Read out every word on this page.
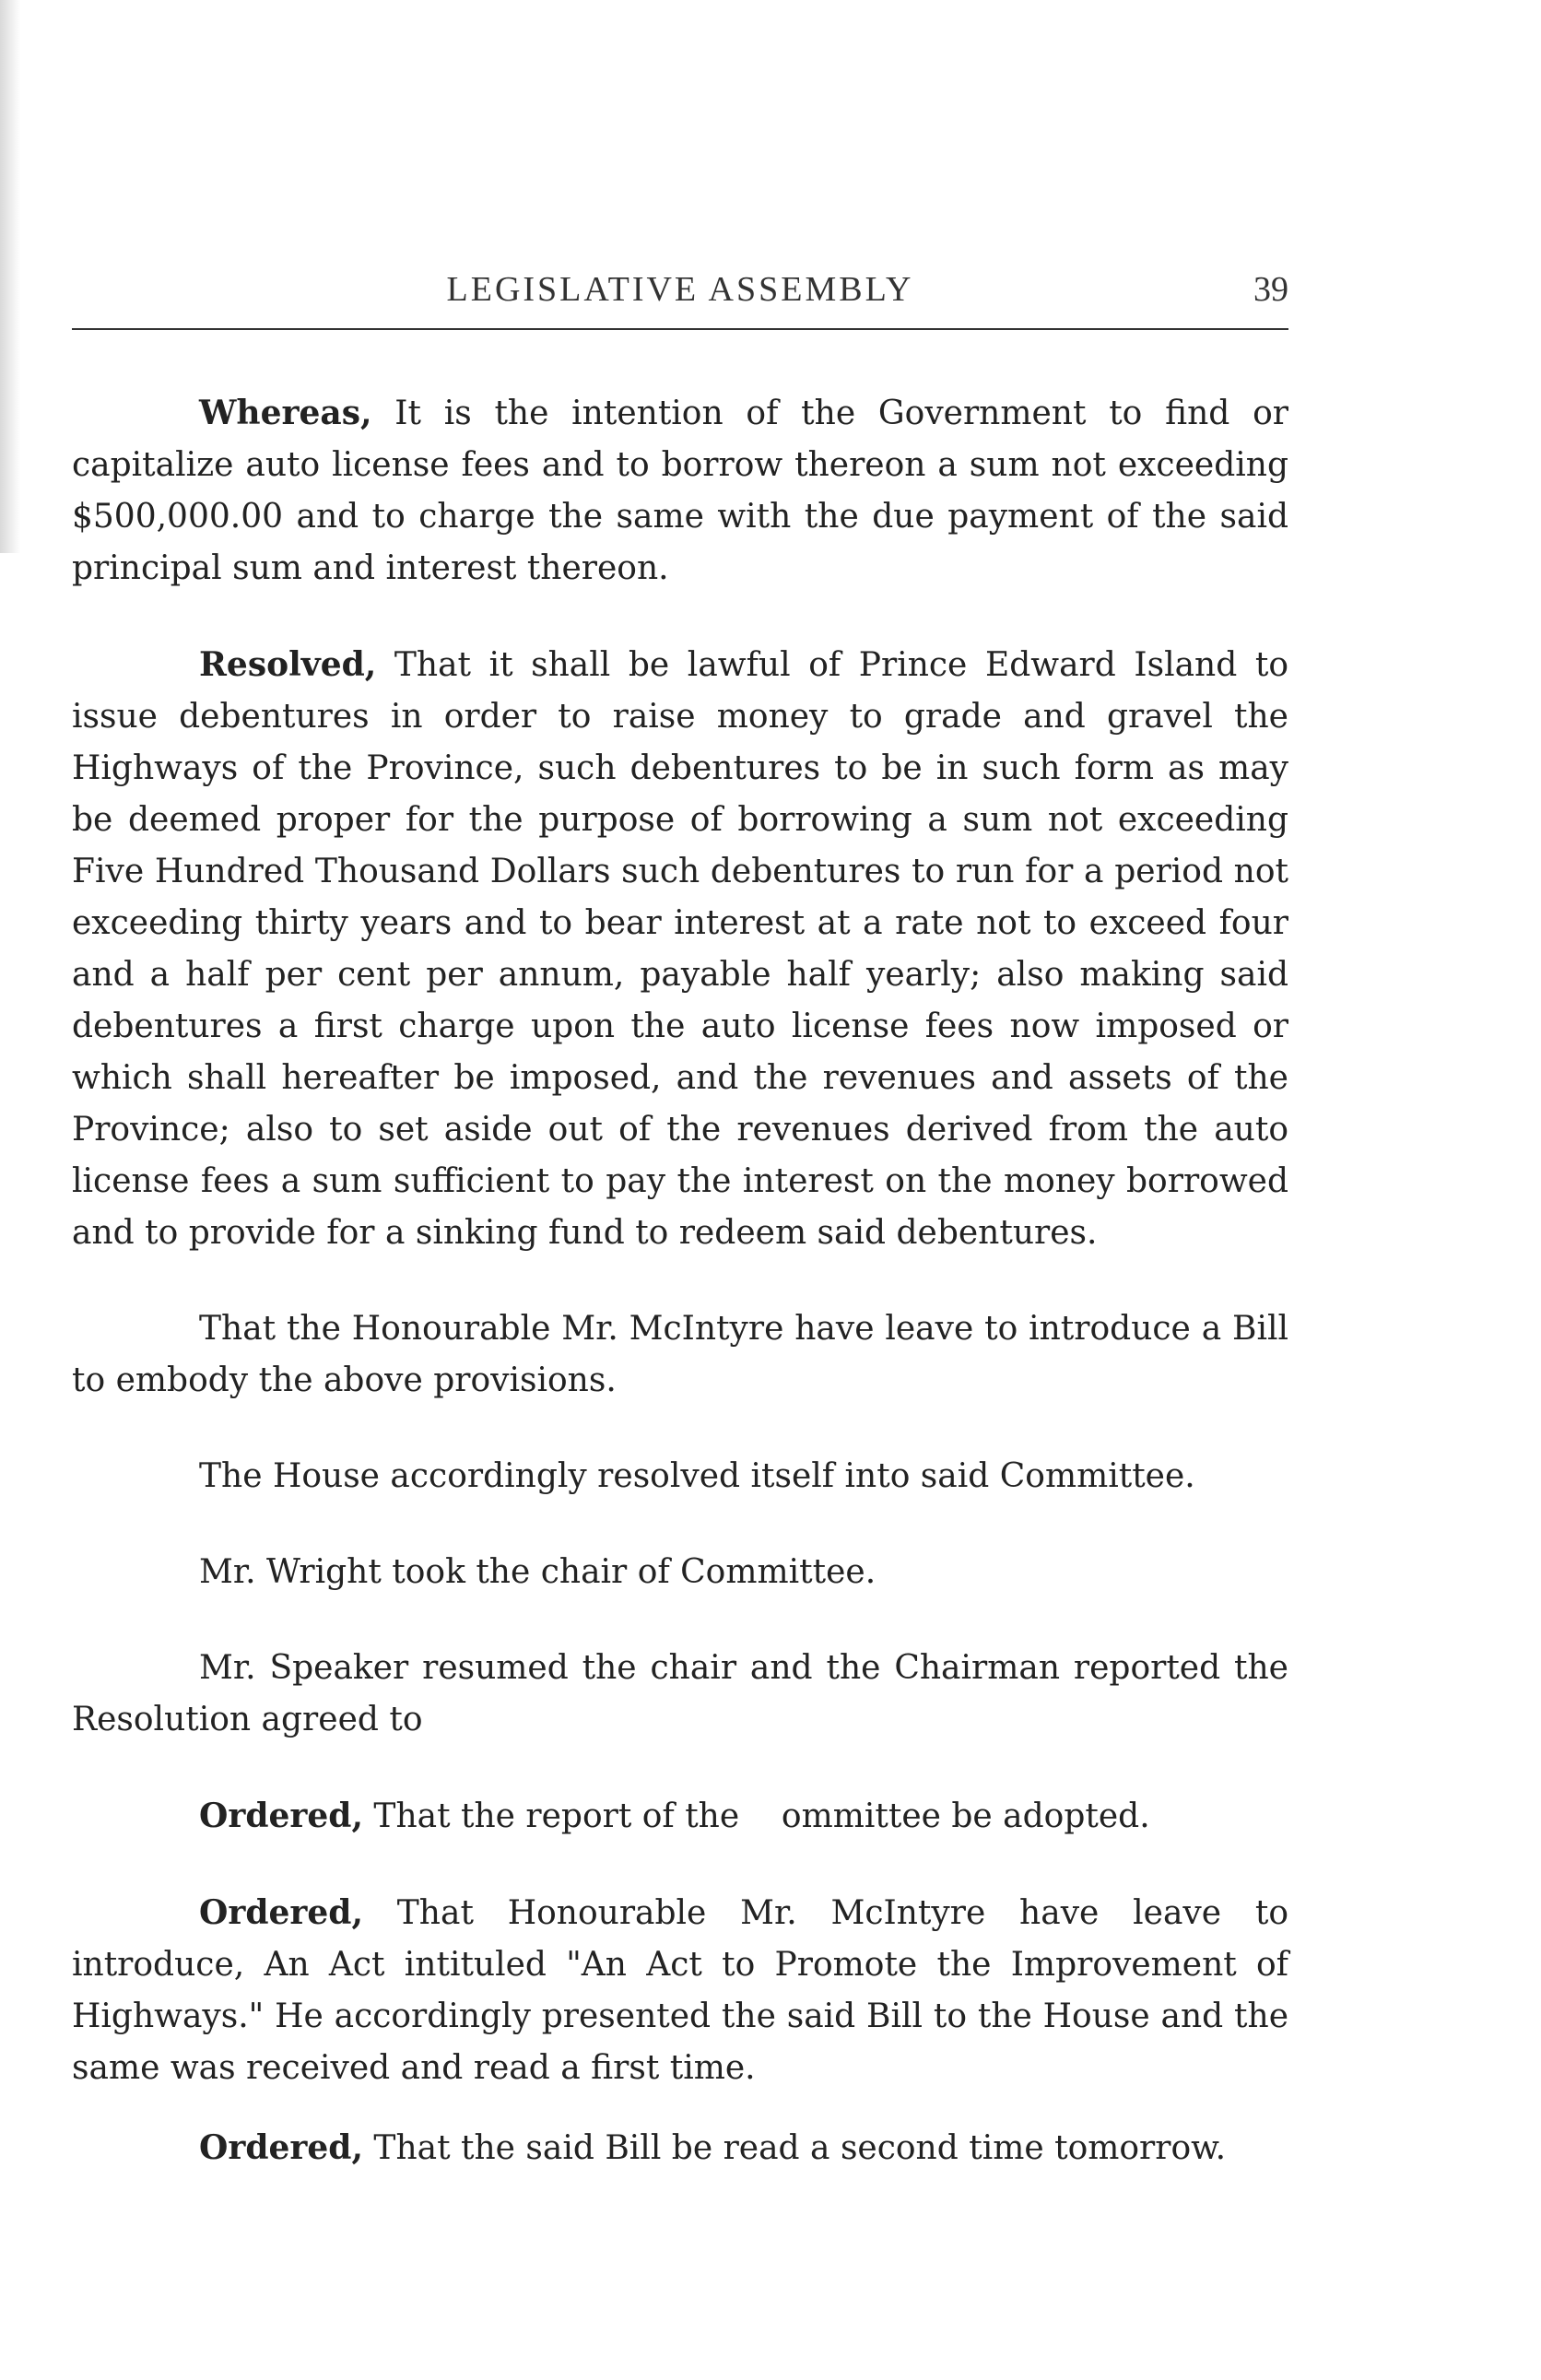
LEGISLATIVE ASSEMBLY	39

Whereas, It is the intention of the Government to find or capitalize auto license fees and to borrow thereon a sum not exceeding $500,000.00 and to charge the same with the due payment of the said principal sum and interest thereon.

Resolved, That it shall be lawful of Prince Edward Island to issue debentures in order to raise money to grade and gravel the Highways of the Province, such debentures to be in such form as may be deemed proper for the purpose of borrowing a sum not exceeding Five Hundred Thousand Dollars such debentures to run for a period not exceeding thirty years and to bear interest at a rate not to exceed four and a half per cent per annum, payable half yearly; also making said debentures a first charge upon the auto license fees now imposed or which shall hereafter be imposed, and the revenues and assets of the Province; also to set aside out of the revenues derived from the auto license fees a sum sufficient to pay the interest on the money borrowed and to provide for a sinking fund to redeem said debentures.

That the Honourable Mr. McIntyre have leave to introduce a Bill to embody the above provisions.

The House accordingly resolved itself into said Committee.

Mr. Wright took the chair of Committee.

Mr. Speaker resumed the chair and the Chairman reported the Resolution agreed to

Ordered, That the report of the    ommittee be adopted.

Ordered, That Honourable Mr. McIntyre have leave to introduce, An Act intituled "An Act to Promote the Improvement of Highways." He accordingly presented the said Bill to the House and the same was received and read a first time.

Ordered, That the said Bill be read a second time tomorrow.
